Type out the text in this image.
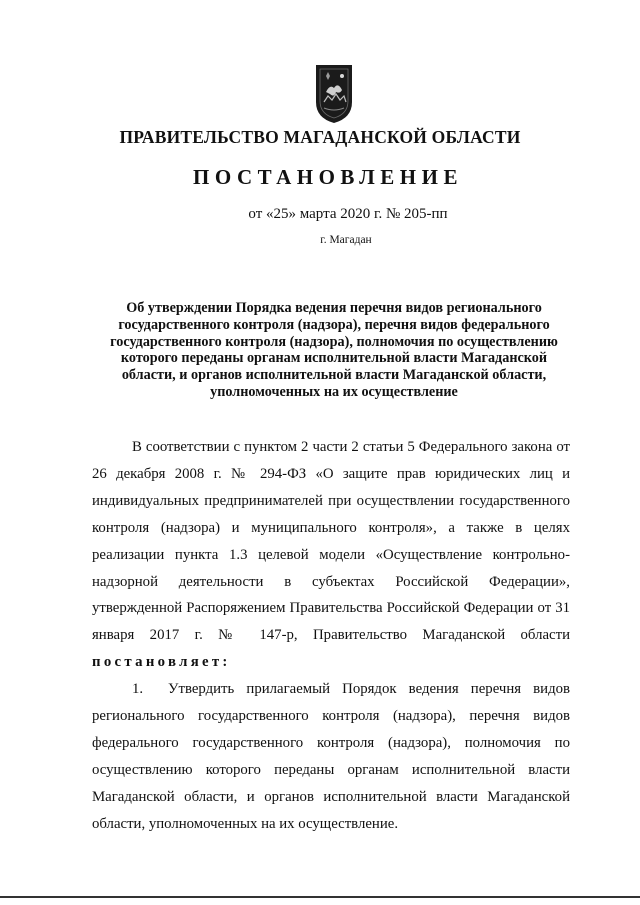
ПРАВИТЕЛЬСТВО МАГАДАНСКОЙ ОБЛАСТИ
ПОСТАНОВЛЕНИЕ
от «25» марта 2020 г. № 205-пп
г. Магадан
Об утверждении Порядка ведения перечня видов регионального государственного контроля (надзора), перечня видов федерального государственного контроля (надзора), полномочия по осуществлению которого переданы органам исполнительной власти Магаданской области, и органов исполнительной власти Магаданской области, уполномоченных на их осуществление

В соответствии с пунктом 2 части 2 статьи 5 Федерального закона от 26 декабря 2008 г. № 294-ФЗ «О защите прав юридических лиц и индивидуальных предпринимателей при осуществлении государственного контроля (надзора) и муниципального контроля», а также в целях реализации пункта 1.3 целевой модели «Осуществление контрольно-надзорной деятельности в субъектах Российской Федерации», утвержденной Распоряжением Правительства Российской Федерации от 31 января 2017 г. № 147-р, Правительство Магаданской области постановляет:

1. Утвердить прилагаемый Порядок ведения перечня видов регионального государственного контроля (надзора), перечня видов федерального государственного контроля (надзора), полномочия по осуществлению которого переданы органам исполнительной власти Магаданской области, и органов исполнительной власти Магаданской области, уполномоченных на их осуществление.
